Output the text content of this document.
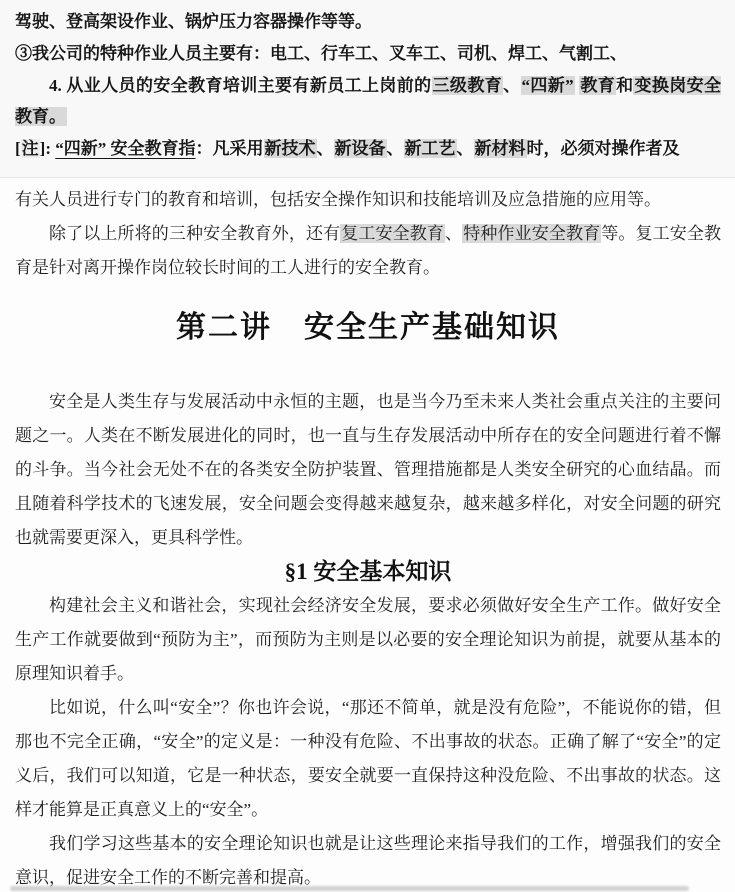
每日安全生产

驾驶、登高架设作业、锅炉压力容器操作等等。

③我公司的特种作业人员主要有：电工、行车工、叉车工、司机、焊工、气割工、

4. 从业人员的安全教育培训主要有新员工上岗前的三级教育、“四新” 教育和变换岗安全教育。

[注]: “四新” 安全教育指：凡采用新技术、新设备、新工艺、新材料时，必须对操作者及

有关人员进行专门的教育和培训，包括安全操作知识和技能培训及应急措施的应用等。

除了以上所将的三种安全教育外，还有复工安全教育、特种作业安全教育等。复工安全教育是针对离开操作岗位较长时间的工人进行的安全教育。

第二讲　安全生产基础知识

安全是人类生存与发展活动中永恒的主题，也是当今乃至未来人类社会重点关注的主要问题之一。人类在不断发展进化的同时，也一直与生存发展活动中所存在的安全问题进行着不懈的斗争。当今社会无处不在的各类安全防护装置、管理措施都是人类安全研究的心血结晶。而且随着科学技术的飞速发展，安全问题会变得越来越复杂，越来越多样化，对安全问题的研究也就需要更深入，更具科学性。

§1 安全基本知识

构建社会主义和谐社会，实现社会经济安全发展，要求必须做好安全生产工作。做好安全生产工作就要做到“预防为主”，而预防为主则是以必要的安全理论知识为前提，就要从基本的原理知识着手。

比如说，什么叫“安全”？你也许会说，“那还不简单，就是没有危险”，不能说你的错，但那也不完全正确，“安全”的定义是：一种没有危险、不出事故的状态。正确了解了“安全”的定义后，我们可以知道，它是一种状态，要安全就要一直保持这种没危险、不出事故的状态。这样才能算是正真意义上的“安全”。

我们学习这些基本的安全理论知识也就是让这些理论来指导我们的工作，增强我们的安全意识，促进安全工作的不断完善和提高。
